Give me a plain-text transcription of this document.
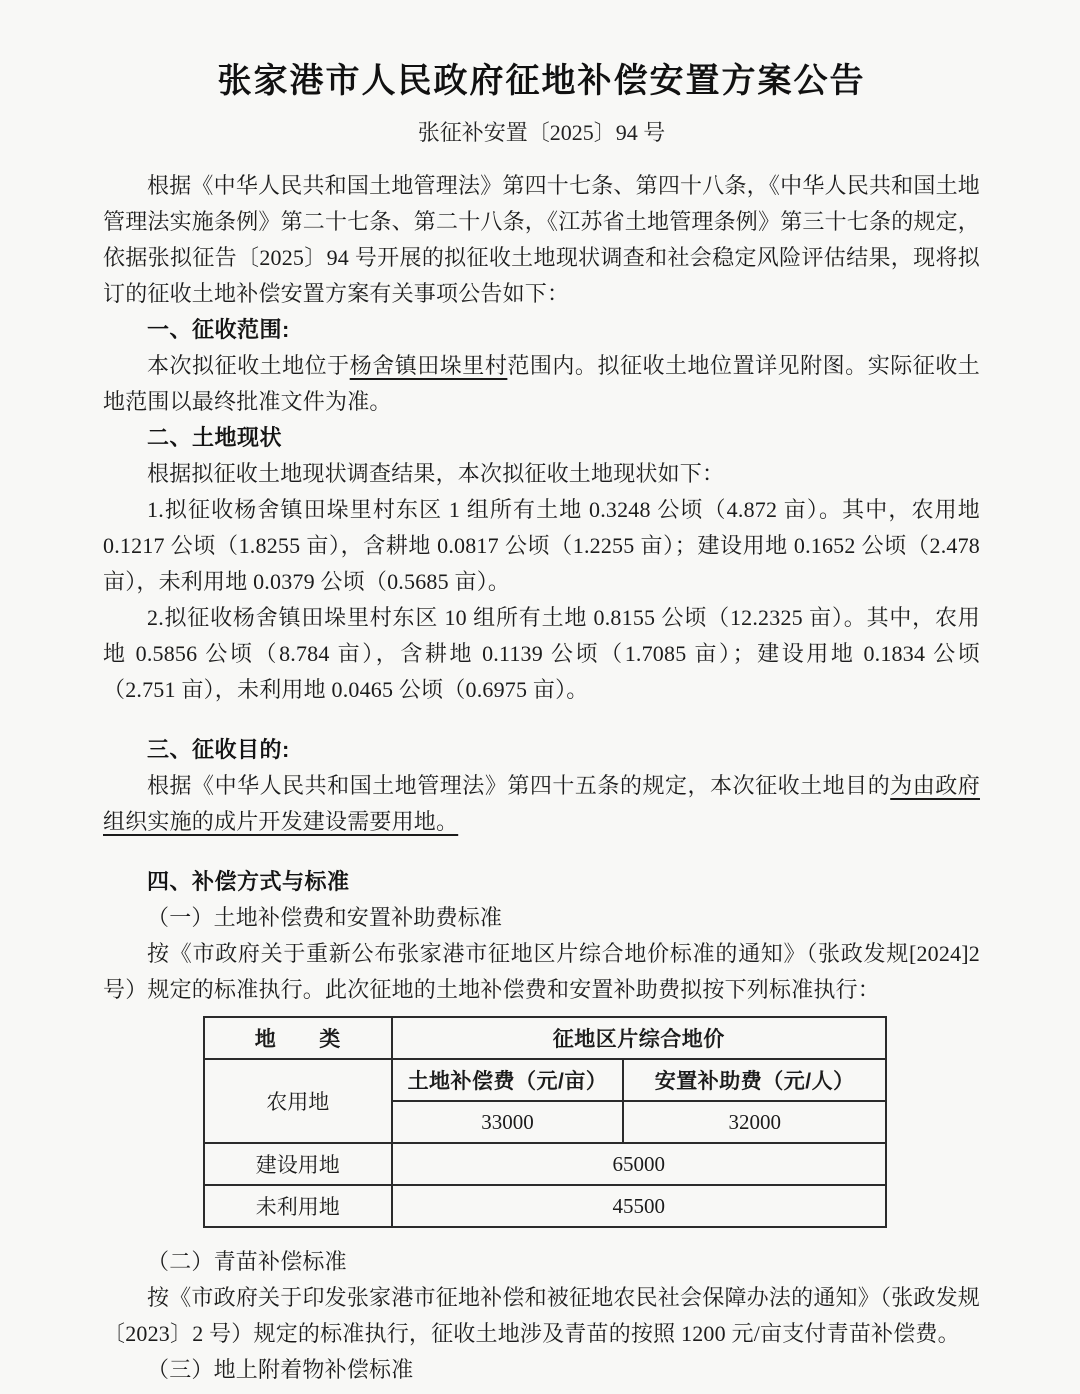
张家港市人民政府征地补偿安置方案公告
张征补安置〔2025〕94 号

根据《中华人民共和国土地管理法》第四十七条、第四十八条，《中华人民共和国土地管理法实施条例》第二十七条、第二十八条，《江苏省土地管理条例》第三十七条的规定，依据张拟征告〔2025〕94 号开展的拟征收土地现状调查和社会稳定风险评估结果，现将拟订的征收土地补偿安置方案有关事项公告如下：

一、征收范围:

本次拟征收土地位于杨舍镇田垛里村范围内。拟征收土地位置详见附图。实际征收土地范围以最终批准文件为准。

二、土地现状

根据拟征收土地现状调查结果，本次拟征收土地现状如下：

1.拟征收杨舍镇田垛里村东区 1 组所有土地 0.3248 公顷（4.872 亩）。其中，农用地 0.1217 公顷（1.8255 亩），含耕地 0.0817 公顷（1.2255 亩）；建设用地 0.1652 公顷（2.478 亩），未利用地 0.0379 公顷（0.5685 亩）。

2.拟征收杨舍镇田垛里村东区 10 组所有土地 0.8155 公顷（12.2325 亩）。其中，农用地 0.5856 公顷（8.784 亩），含耕地 0.1139 公顷（1.7085 亩）；建设用地 0.1834 公顷（2.751 亩），未利用地 0.0465 公顷（0.6975 亩）。

三、征收目的:

根据《中华人民共和国土地管理法》第四十五条的规定，本次征收土地目的为由政府组织实施的成片开发建设需要用地。

四、补偿方式与标准

（一）土地补偿费和安置补助费标准

按《市政府关于重新公布张家港市征地区片综合地价标准的通知》（张政发规[2024]2 号）规定的标准执行。此次征地的土地补偿费和安置补助费拟按下列标准执行：

地　　类	征地区片综合地价	
农用地	土地补偿费（元/亩）	安置补助费（元/人）
	33000	32000
建设用地	65000	
未利用地	45500	

（二）青苗补偿标准

按《市政府关于印发张家港市征地补偿和被征地农民社会保障办法的通知》（张政发规〔2023〕2 号）规定的标准执行，征收土地涉及青苗的按照 1200 元/亩支付青苗补偿费。

（三）地上附着物补偿标准
